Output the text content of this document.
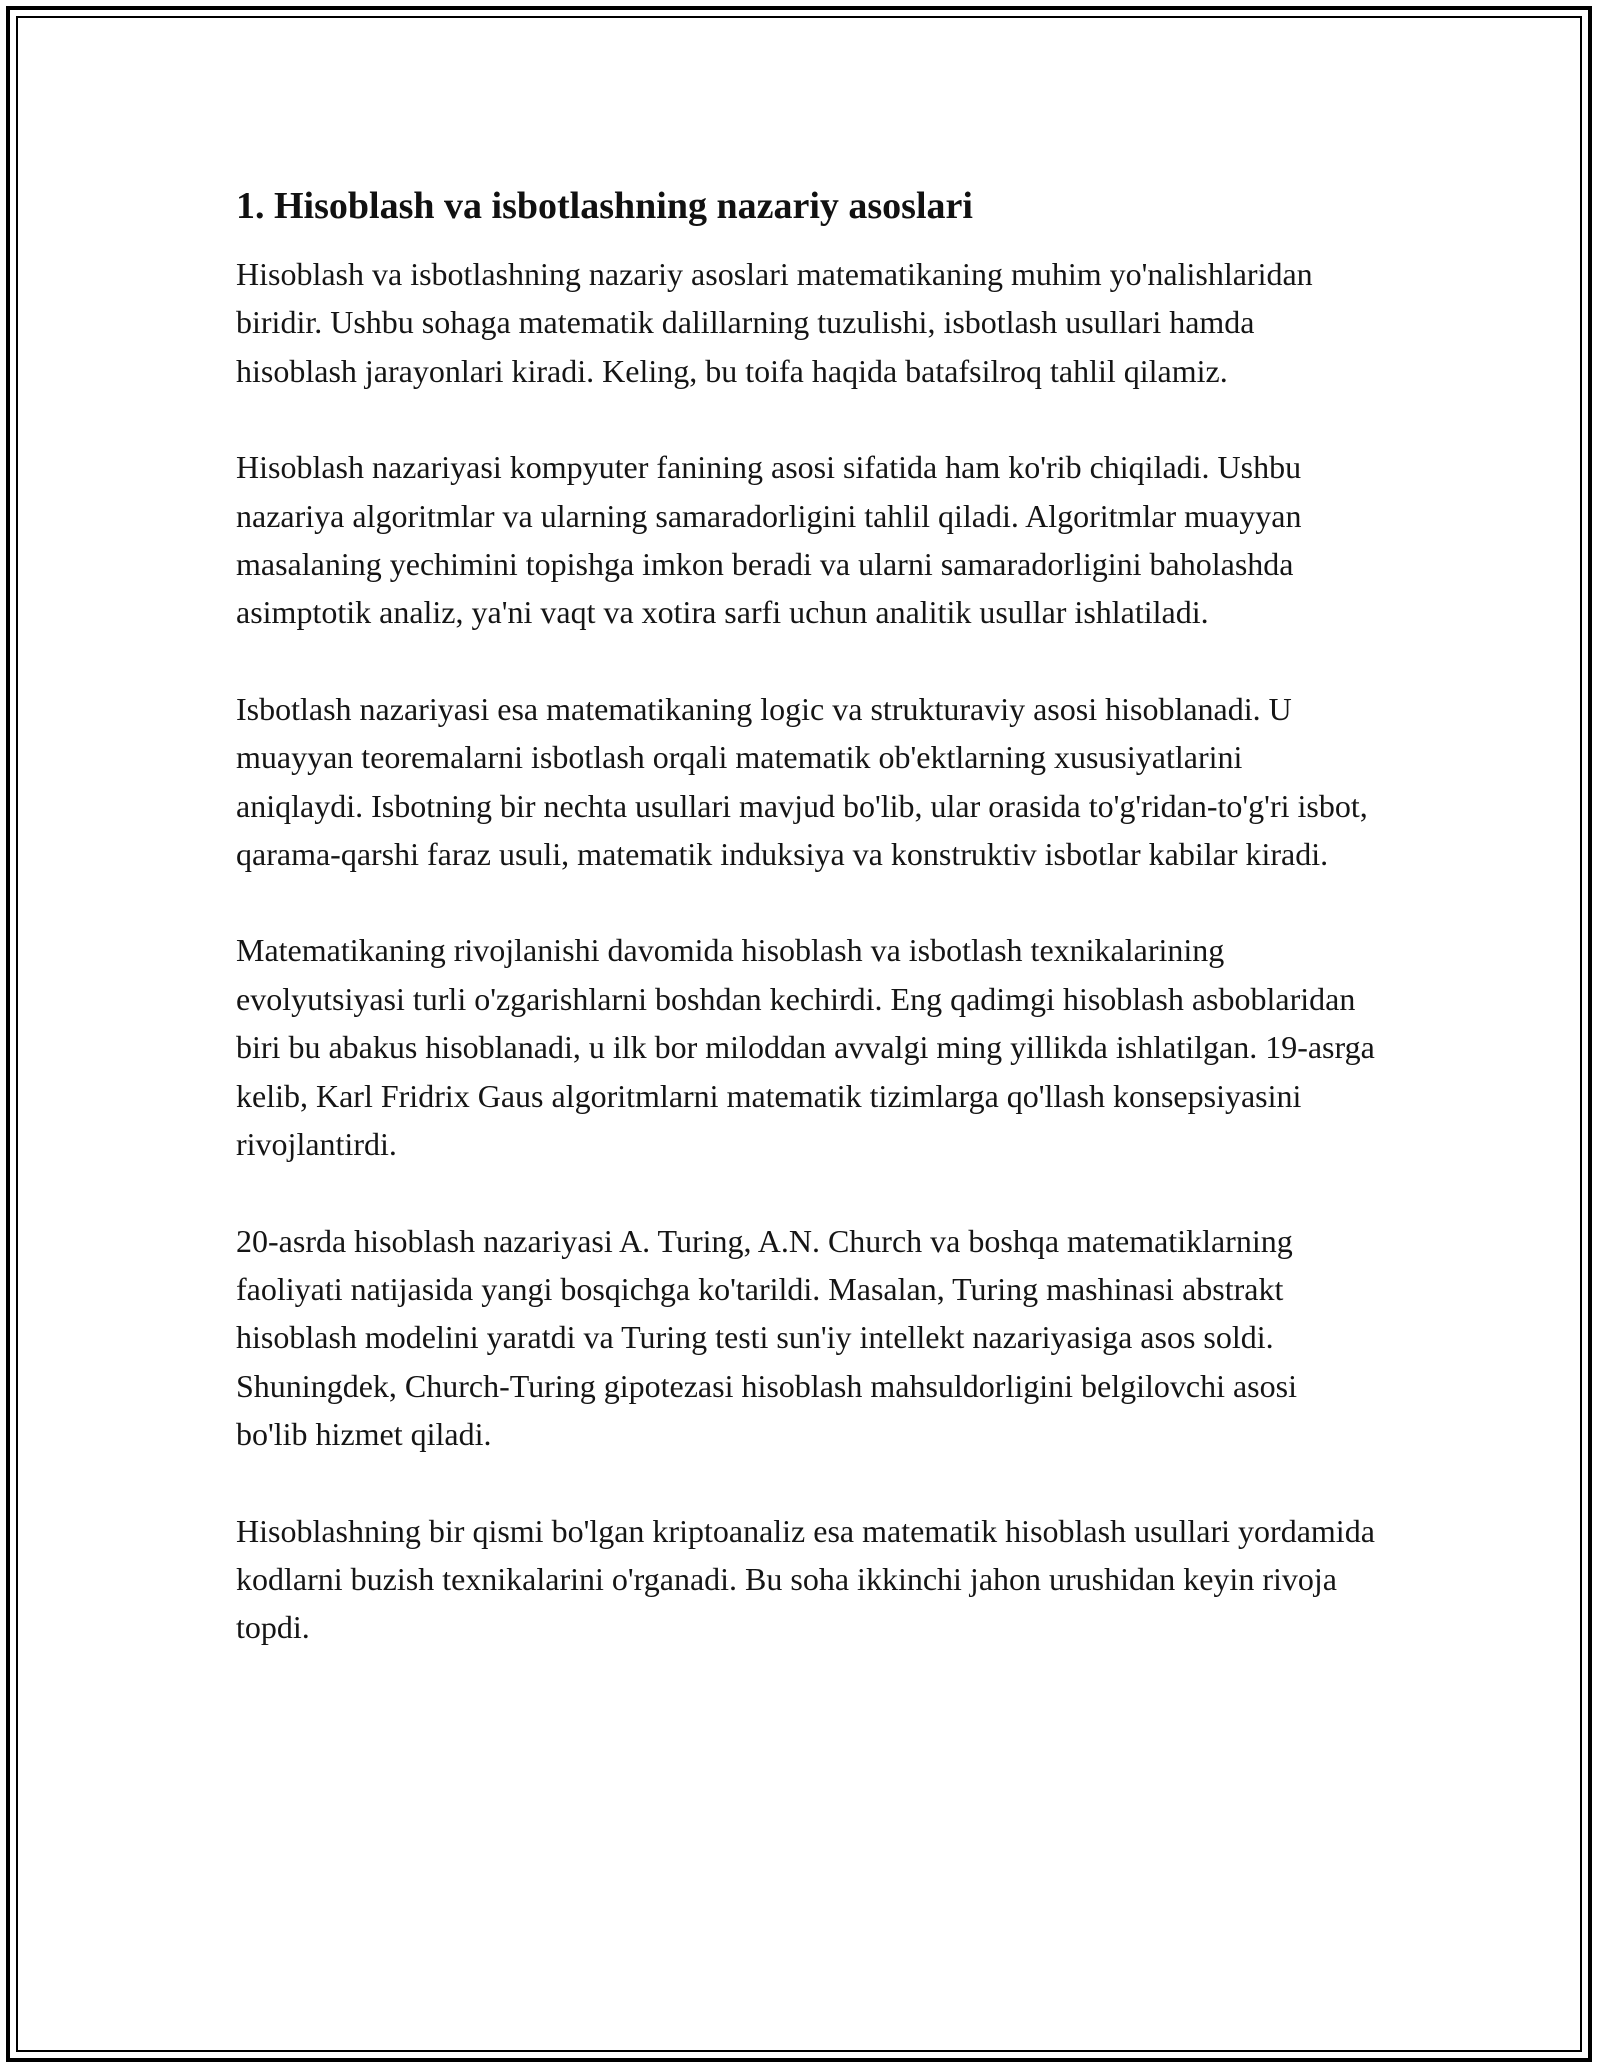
1. Hisoblash va isbotlashning nazariy asoslari

Hisoblash va isbotlashning nazariy asoslari matematikaning muhim yo'nalishlaridan biridir. Ushbu sohaga matematik dalillarning tuzulishi, isbotlash usullari hamda hisoblash jarayonlari kiradi. Keling, bu toifa haqida batafsilroq tahlil qilamiz.

Hisoblash nazariyasi kompyuter fanining asosi sifatida ham ko'rib chiqiladi. Ushbu nazariya algoritmlar va ularning samaradorligini tahlil qiladi. Algoritmlar muayyan masalaning yechimini topishga imkon beradi va ularni samaradorligini baholashda asimptotik analiz, ya'ni vaqt va xotira sarfi uchun analitik usullar ishlatiladi.

Isbotlash nazariyasi esa matematikaning logic va strukturaviy asosi hisoblanadi. U muayyan teoremalarni isbotlash orqali matematik ob'ektlarning xususiyatlarini aniqlaydi. Isbotning bir nechta usullari mavjud bo'lib, ular orasida to'g'ridan-to'g'ri isbot, qarama-qarshi faraz usuli, matematik induksiya va konstruktiv isbotlar kabilar kiradi.

Matematikaning rivojlanishi davomida hisoblash va isbotlash texnikalarining evolyutsiyasi turli o'zgarishlarni boshdan kechirdi. Eng qadimgi hisoblash asboblaridan biri bu abakus hisoblanadi, u ilk bor miloddan avvalgi ming yillikda ishlatilgan. 19-asrga kelib, Karl Fridrix Gaus algoritmlarni matematik tizimlarga qo'llash konsepsiyasini rivojlantirdi.

20-asrda hisoblash nazariyasi A. Turing, A.N. Church va boshqa matematiklarning faoliyati natijasida yangi bosqichga ko'tarildi. Masalan, Turing mashinasi abstrakt hisoblash modelini yaratdi va Turing testi sun'iy intellekt nazariyasiga asos soldi. Shuningdek, Church-Turing gipotezasi hisoblash mahsuldorligini belgilovchi asosi bo'lib hizmet qiladi.

Hisoblashning bir qismi bo'lgan kriptoanaliz esa matematik hisoblash usullari yordamida kodlarni buzish texnikalarini o'rganadi. Bu soha ikkinchi jahon urushidan keyin rivoja topdi.
